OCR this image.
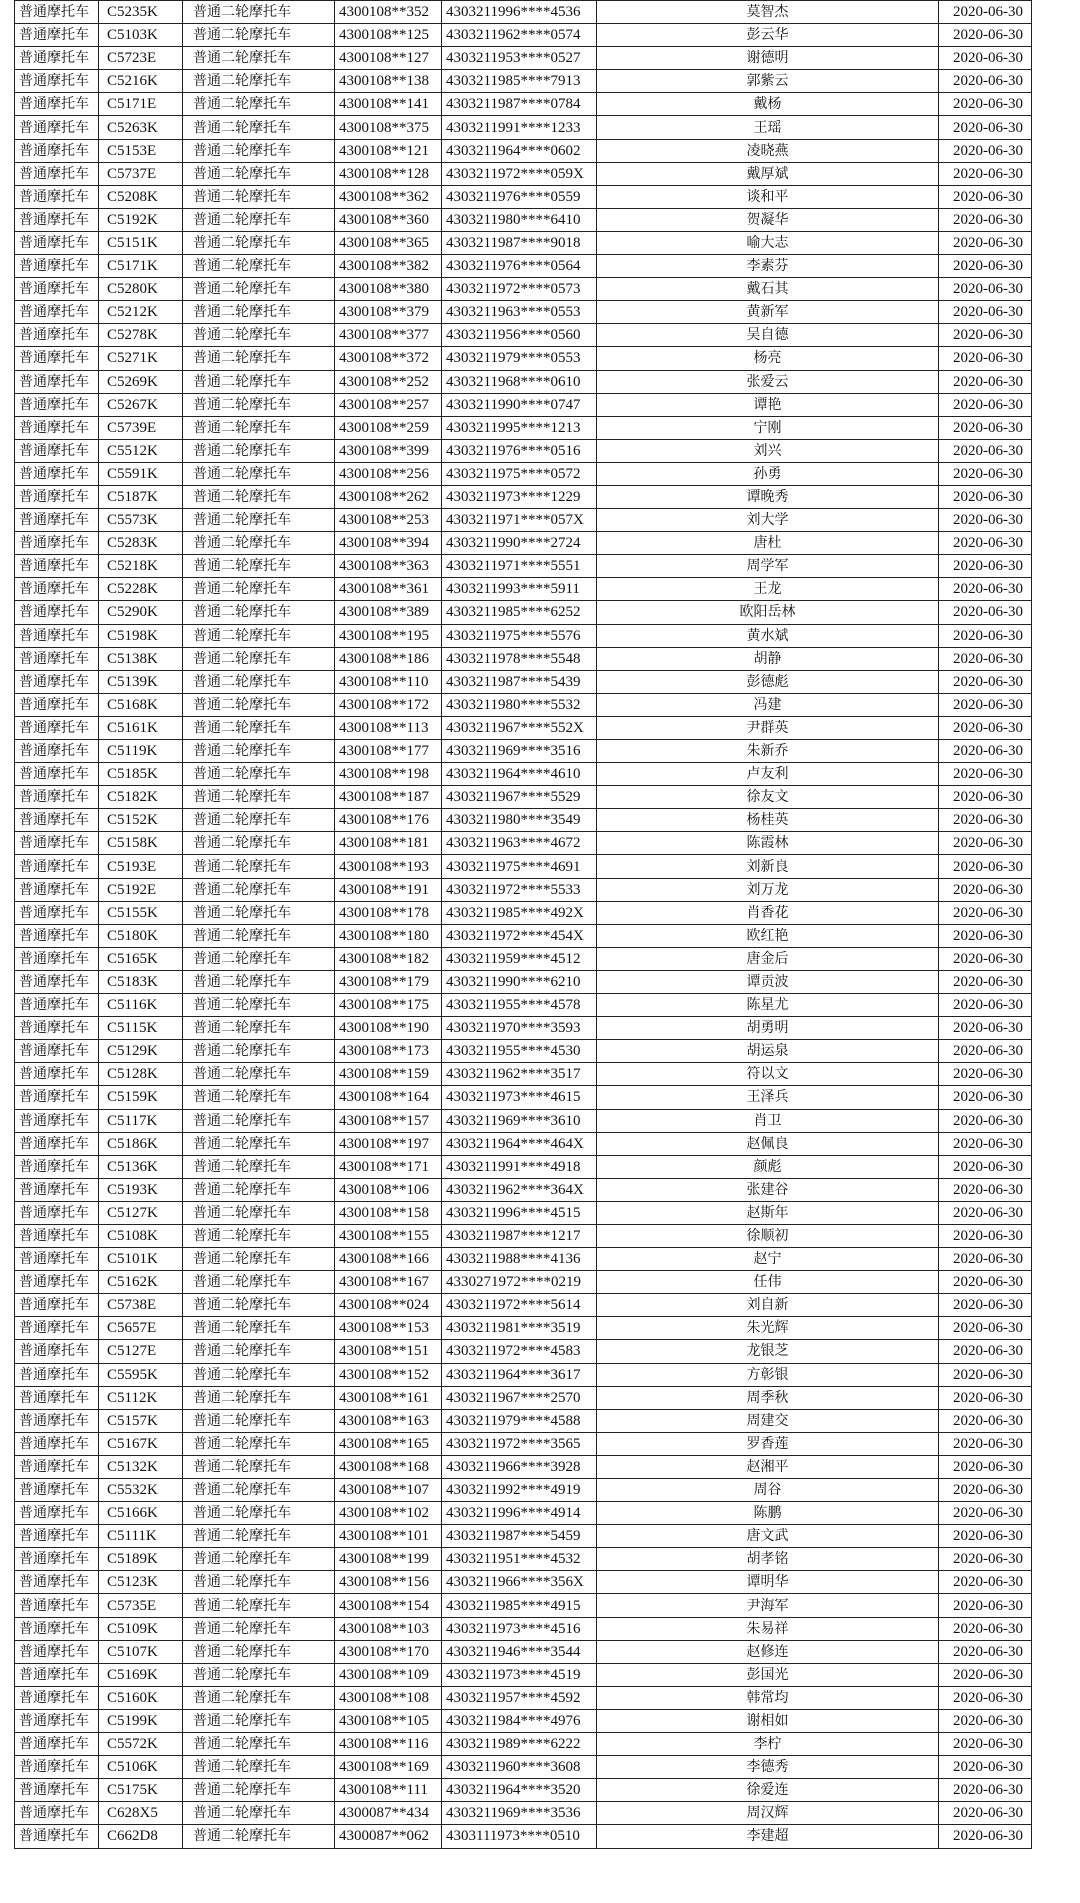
普通摩托车	C5235K	普通二轮摩托车	4300108**352	4303211996****4536	莫智杰	2020-06-30
普通摩托车	C5103K	普通二轮摩托车	4300108**125	4303211962****0574	彭云华	2020-06-30
普通摩托车	C5723E	普通二轮摩托车	4300108**127	4303211953****0527	谢德明	2020-06-30
普通摩托车	C5216K	普通二轮摩托车	4300108**138	4303211985****7913	郭紫云	2020-06-30
普通摩托车	C5171E	普通二轮摩托车	4300108**141	4303211987****0784	戴杨	2020-06-30
普通摩托车	C5263K	普通二轮摩托车	4300108**375	4303211991****1233	王瑶	2020-06-30
普通摩托车	C5153E	普通二轮摩托车	4300108**121	4303211964****0602	凌晓燕	2020-06-30
普通摩托车	C5737E	普通二轮摩托车	4300108**128	4303211972****059X	戴厚斌	2020-06-30
普通摩托车	C5208K	普通二轮摩托车	4300108**362	4303211976****0559	谈和平	2020-06-30
普通摩托车	C5192K	普通二轮摩托车	4300108**360	4303211980****6410	贺凝华	2020-06-30
普通摩托车	C5151K	普通二轮摩托车	4300108**365	4303211987****9018	喻大志	2020-06-30
普通摩托车	C5171K	普通二轮摩托车	4300108**382	4303211976****0564	李素芬	2020-06-30
普通摩托车	C5280K	普通二轮摩托车	4300108**380	4303211972****0573	戴石其	2020-06-30
普通摩托车	C5212K	普通二轮摩托车	4300108**379	4303211963****0553	黄新军	2020-06-30
普通摩托车	C5278K	普通二轮摩托车	4300108**377	4303211956****0560	吴自德	2020-06-30
普通摩托车	C5271K	普通二轮摩托车	4300108**372	4303211979****0553	杨亮	2020-06-30
普通摩托车	C5269K	普通二轮摩托车	4300108**252	4303211968****0610	张爱云	2020-06-30
普通摩托车	C5267K	普通二轮摩托车	4300108**257	4303211990****0747	谭艳	2020-06-30
普通摩托车	C5739E	普通二轮摩托车	4300108**259	4303211995****1213	宁刚	2020-06-30
普通摩托车	C5512K	普通二轮摩托车	4300108**399	4303211976****0516	刘兴	2020-06-30
普通摩托车	C5591K	普通二轮摩托车	4300108**256	4303211975****0572	孙勇	2020-06-30
普通摩托车	C5187K	普通二轮摩托车	4300108**262	4303211973****1229	谭晚秀	2020-06-30
普通摩托车	C5573K	普通二轮摩托车	4300108**253	4303211971****057X	刘大学	2020-06-30
普通摩托车	C5283K	普通二轮摩托车	4300108**394	4303211990****2724	唐杜	2020-06-30
普通摩托车	C5218K	普通二轮摩托车	4300108**363	4303211971****5551	周学军	2020-06-30
普通摩托车	C5228K	普通二轮摩托车	4300108**361	4303211993****5911	王龙	2020-06-30
普通摩托车	C5290K	普通二轮摩托车	4300108**389	4303211985****6252	欧阳岳林	2020-06-30
普通摩托车	C5198K	普通二轮摩托车	4300108**195	4303211975****5576	黄水斌	2020-06-30
普通摩托车	C5138K	普通二轮摩托车	4300108**186	4303211978****5548	胡静	2020-06-30
普通摩托车	C5139K	普通二轮摩托车	4300108**110	4303211987****5439	彭德彪	2020-06-30
普通摩托车	C5168K	普通二轮摩托车	4300108**172	4303211980****5532	冯建	2020-06-30
普通摩托车	C5161K	普通二轮摩托车	4300108**113	4303211967****552X	尹群英	2020-06-30
普通摩托车	C5119K	普通二轮摩托车	4300108**177	4303211969****3516	朱新乔	2020-06-30
普通摩托车	C5185K	普通二轮摩托车	4300108**198	4303211964****4610	卢友利	2020-06-30
普通摩托车	C5182K	普通二轮摩托车	4300108**187	4303211967****5529	徐友文	2020-06-30
普通摩托车	C5152K	普通二轮摩托车	4300108**176	4303211980****3549	杨桂英	2020-06-30
普通摩托车	C5158K	普通二轮摩托车	4300108**181	4303211963****4672	陈霞林	2020-06-30
普通摩托车	C5193E	普通二轮摩托车	4300108**193	4303211975****4691	刘新良	2020-06-30
普通摩托车	C5192E	普通二轮摩托车	4300108**191	4303211972****5533	刘万龙	2020-06-30
普通摩托车	C5155K	普通二轮摩托车	4300108**178	4303211985****492X	肖香花	2020-06-30
普通摩托车	C5180K	普通二轮摩托车	4300108**180	4303211972****454X	欧红艳	2020-06-30
普通摩托车	C5165K	普通二轮摩托车	4300108**182	4303211959****4512	唐金后	2020-06-30
普通摩托车	C5183K	普通二轮摩托车	4300108**179	4303211990****6210	谭贡波	2020-06-30
普通摩托车	C5116K	普通二轮摩托车	4300108**175	4303211955****4578	陈星尤	2020-06-30
普通摩托车	C5115K	普通二轮摩托车	4300108**190	4303211970****3593	胡勇明	2020-06-30
普通摩托车	C5129K	普通二轮摩托车	4300108**173	4303211955****4530	胡运泉	2020-06-30
普通摩托车	C5128K	普通二轮摩托车	4300108**159	4303211962****3517	符以文	2020-06-30
普通摩托车	C5159K	普通二轮摩托车	4300108**164	4303211973****4615	王泽兵	2020-06-30
普通摩托车	C5117K	普通二轮摩托车	4300108**157	4303211969****3610	肖卫	2020-06-30
普通摩托车	C5186K	普通二轮摩托车	4300108**197	4303211964****464X	赵佩良	2020-06-30
普通摩托车	C5136K	普通二轮摩托车	4300108**171	4303211991****4918	颜彪	2020-06-30
普通摩托车	C5193K	普通二轮摩托车	4300108**106	4303211962****364X	张建谷	2020-06-30
普通摩托车	C5127K	普通二轮摩托车	4300108**158	4303211996****4515	赵斯年	2020-06-30
普通摩托车	C5108K	普通二轮摩托车	4300108**155	4303211987****1217	徐顺初	2020-06-30
普通摩托车	C5101K	普通二轮摩托车	4300108**166	4303211988****4136	赵宁	2020-06-30
普通摩托车	C5162K	普通二轮摩托车	4300108**167	4330271972****0219	任伟	2020-06-30
普通摩托车	C5738E	普通二轮摩托车	4300108**024	4303211972****5614	刘自新	2020-06-30
普通摩托车	C5657E	普通二轮摩托车	4300108**153	4303211981****3519	朱光辉	2020-06-30
普通摩托车	C5127E	普通二轮摩托车	4300108**151	4303211972****4583	龙银芝	2020-06-30
普通摩托车	C5595K	普通二轮摩托车	4300108**152	4303211964****3617	方彰银	2020-06-30
普通摩托车	C5112K	普通二轮摩托车	4300108**161	4303211967****2570	周季秋	2020-06-30
普通摩托车	C5157K	普通二轮摩托车	4300108**163	4303211979****4588	周建交	2020-06-30
普通摩托车	C5167K	普通二轮摩托车	4300108**165	4303211972****3565	罗香莲	2020-06-30
普通摩托车	C5132K	普通二轮摩托车	4300108**168	4303211966****3928	赵湘平	2020-06-30
普通摩托车	C5532K	普通二轮摩托车	4300108**107	4303211992****4919	周谷	2020-06-30
普通摩托车	C5166K	普通二轮摩托车	4300108**102	4303211996****4914	陈鹏	2020-06-30
普通摩托车	C5111K	普通二轮摩托车	4300108**101	4303211987****5459	唐文武	2020-06-30
普通摩托车	C5189K	普通二轮摩托车	4300108**199	4303211951****4532	胡孝铭	2020-06-30
普通摩托车	C5123K	普通二轮摩托车	4300108**156	4303211966****356X	谭明华	2020-06-30
普通摩托车	C5735E	普通二轮摩托车	4300108**154	4303211985****4915	尹海军	2020-06-30
普通摩托车	C5109K	普通二轮摩托车	4300108**103	4303211973****4516	朱易祥	2020-06-30
普通摩托车	C5107K	普通二轮摩托车	4300108**170	4303211946****3544	赵修连	2020-06-30
普通摩托车	C5169K	普通二轮摩托车	4300108**109	4303211973****4519	彭国光	2020-06-30
普通摩托车	C5160K	普通二轮摩托车	4300108**108	4303211957****4592	韩常均	2020-06-30
普通摩托车	C5199K	普通二轮摩托车	4300108**105	4303211984****4976	谢相如	2020-06-30
普通摩托车	C5572K	普通二轮摩托车	4300108**116	4303211989****6222	李柠	2020-06-30
普通摩托车	C5106K	普通二轮摩托车	4300108**169	4303211960****3608	李德秀	2020-06-30
普通摩托车	C5175K	普通二轮摩托车	4300108**111	4303211964****3520	徐爱连	2020-06-30
普通摩托车	C628X5	普通二轮摩托车	4300087**434	4303211969****3536	周汉辉	2020-06-30
普通摩托车	C662D8	普通二轮摩托车	4300087**062	4303111973****0510	李建超	2020-06-30
